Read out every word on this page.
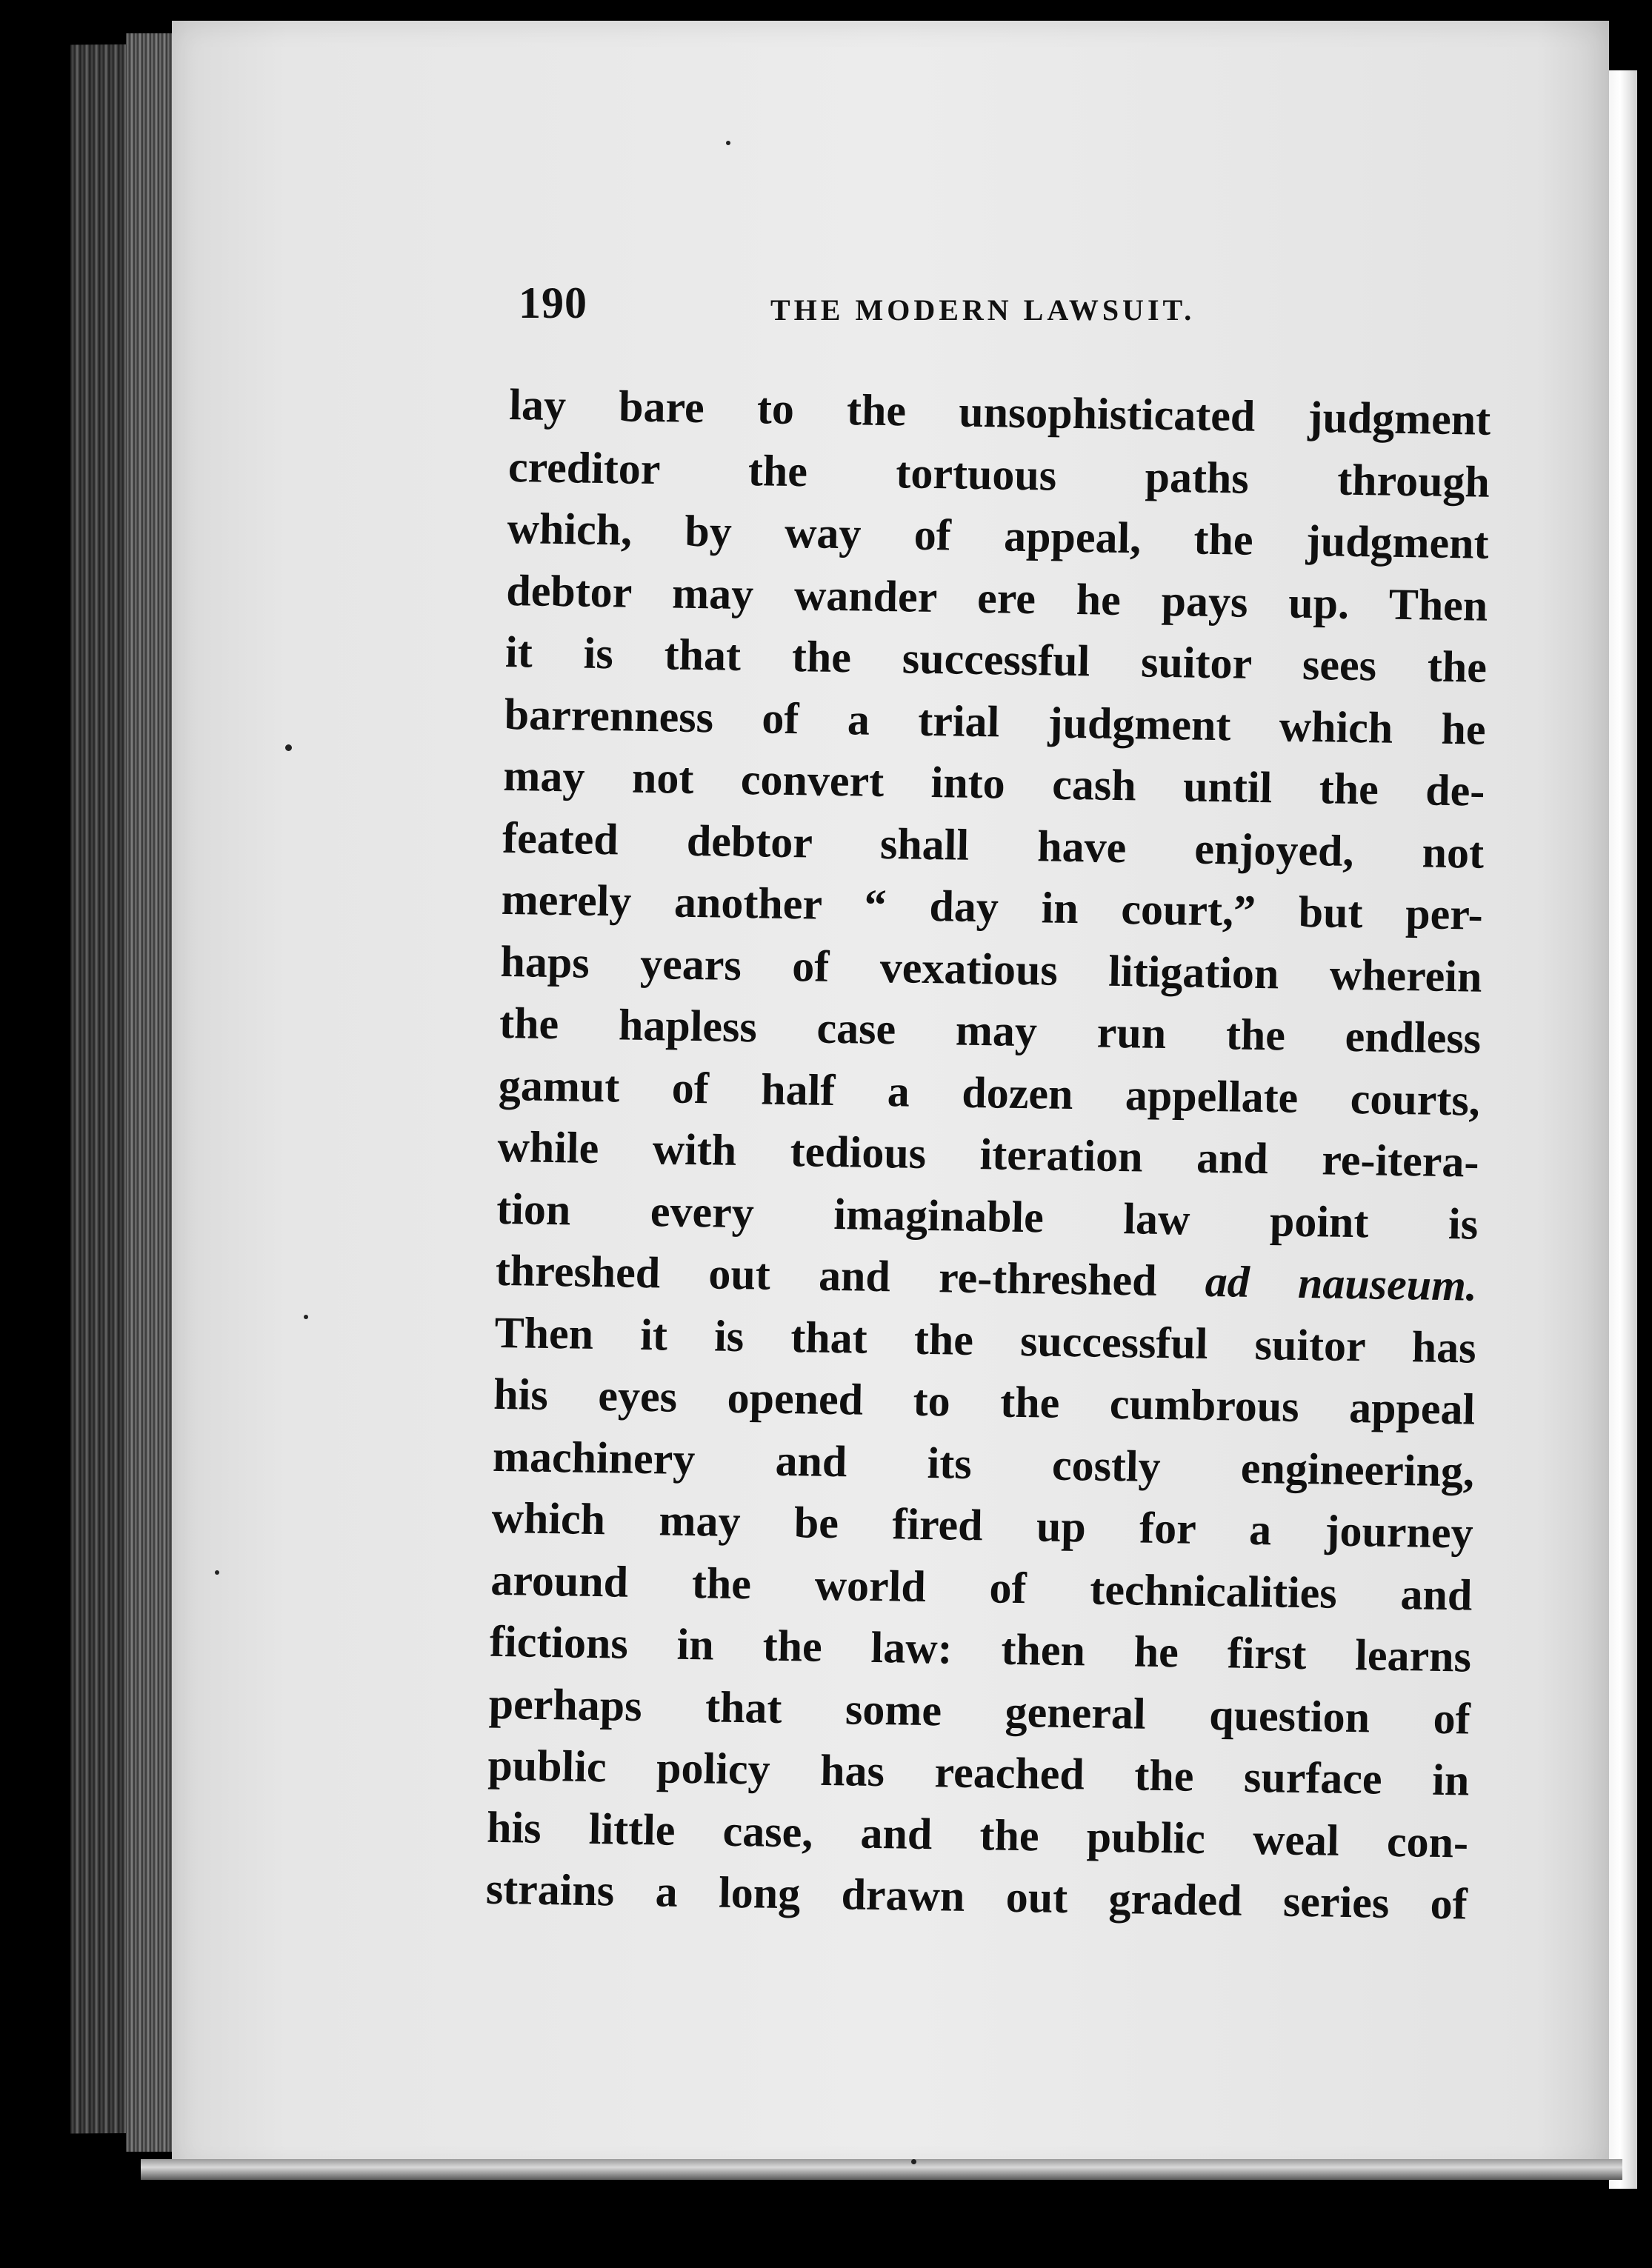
190	THE MODERN LAWSUIT.
lay bare to the unsophisticated judgment
creditor the tortuous paths through
which, by way of appeal, the judgment
debtor may wander ere he pays up. Then
it is that the successful suitor sees the
barrenness of a trial judgment which he
may not convert into cash until the de-
feated debtor shall have enjoyed, not
merely another “ day in court,” but per-
haps years of vexatious litigation wherein
the hapless case may run the endless
gamut of half a dozen appellate courts,
while with tedious iteration and re-itera-
tion every imaginable law point is
threshed out and re-threshed ad nauseum.
Then it is that the successful suitor has
his eyes opened to the cumbrous appeal
machinery and its costly engineering,
which may be fired up for a journey
around the world of technicalities and
fictions in the law: then he first learns
perhaps that some general question of
public policy has reached the surface in
his little case, and the public weal con-
strains a long drawn out graded series of
